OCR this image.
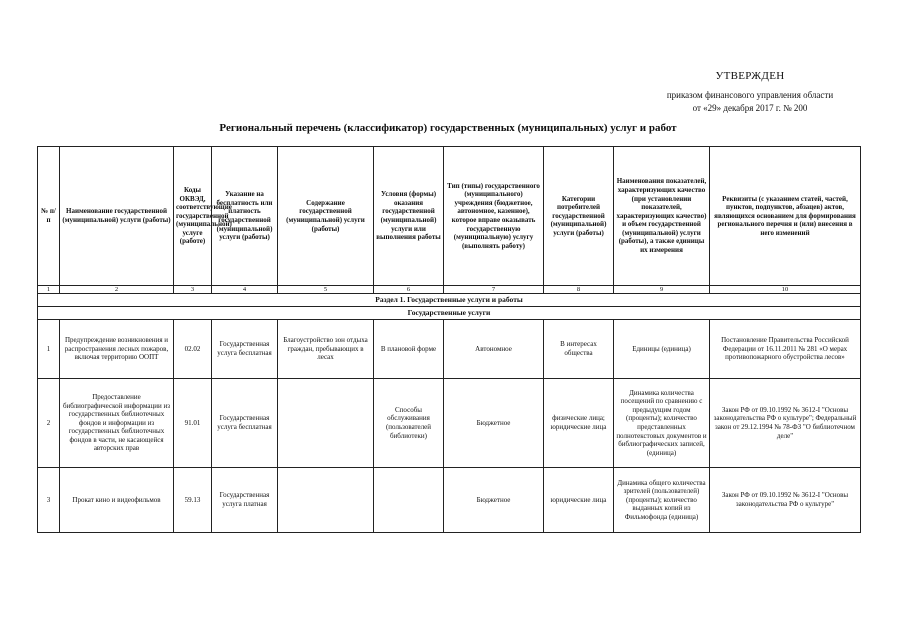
УТВЕРЖДЕН
приказом финансового управления области
от «29» декабря 2017 г. № 200
Региональный перечень (классификатор) государственных (муниципальных) услуг и работ
№ п/п	Наименование государственной (муниципальной) услуги (работы)	Коды ОКВЭД, соответствующие государственной (муниципальной) услуге (работе)	Указание на бесплатность или платность государственной (муниципальной) услуги (работы)	Содержание государственной (муниципальной) услуги (работы)	Условия (формы) оказания государственной (муниципальной) услуги или выполнения работы	Тип (типы) государственного (муниципального) учреждения (бюджетное, автономное, казенное), которое вправе оказывать государственную (муниципальную) услугу (выполнять работу)	Категории потребителей государственной (муниципальной) услуги (работы)	Наименования показателей, характеризующих качество (при установлении показателей, характеризующих качество) и объем государственной (муниципальной) услуги (работы), а также единицы их измерения	Реквизиты (с указанием статей, частей, пунктов, подпунктов, абзацев) актов, являющихся основанием для формирования регионального перечня и (или) внесения в него изменений
1	2	3	4	5	6	7	8	9	10
Раздел 1. Государственные услуги и работы									
Государственные услуги									
1	Предупреждение возникновения и распространения лесных пожаров, включая территорию ООПТ	02.02	Государственная услуга бесплатная	Благоустройство зон отдыха граждан, пребывающих в лесах	В плановой форме	Автономное	В интересах общества	Единицы (единица)	Постановление Правительства Российской Федерации от 16.11.2011 № 281 «О мерах противопожарного обустройства лесов»
2	Предоставление библиографической информации из государственных библиотечных фондов и информации из государственных библиотечных фондов в части, не касающейся авторских прав	91.01	Государственная услуга бесплатная		Способы обслуживания (пользователей библиотеки)	Бюджетное	физические лица; юридические лица	Динамика количества посещений по сравнению с предыдущим годом (проценты); количество представленных полнотекстовых документов и библиографических записей, (единица)	Закон РФ от 09.10.1992 № 3612-I "Основы законодательства РФ о культуре"; Федеральный закон от 29.12.1994 № 78-ФЗ "О библиотечном деле"
3	Прокат кино и видеофильмов	59.13	Государственная услуга платная			Бюджетное	юридические лица	Динамика общего количества зрителей (пользователей) (проценты); количество выданных копий из Фильмофонда (единица)	Закон РФ от 09.10.1992 № 3612-I "Основы законодательства РФ о культуре"
